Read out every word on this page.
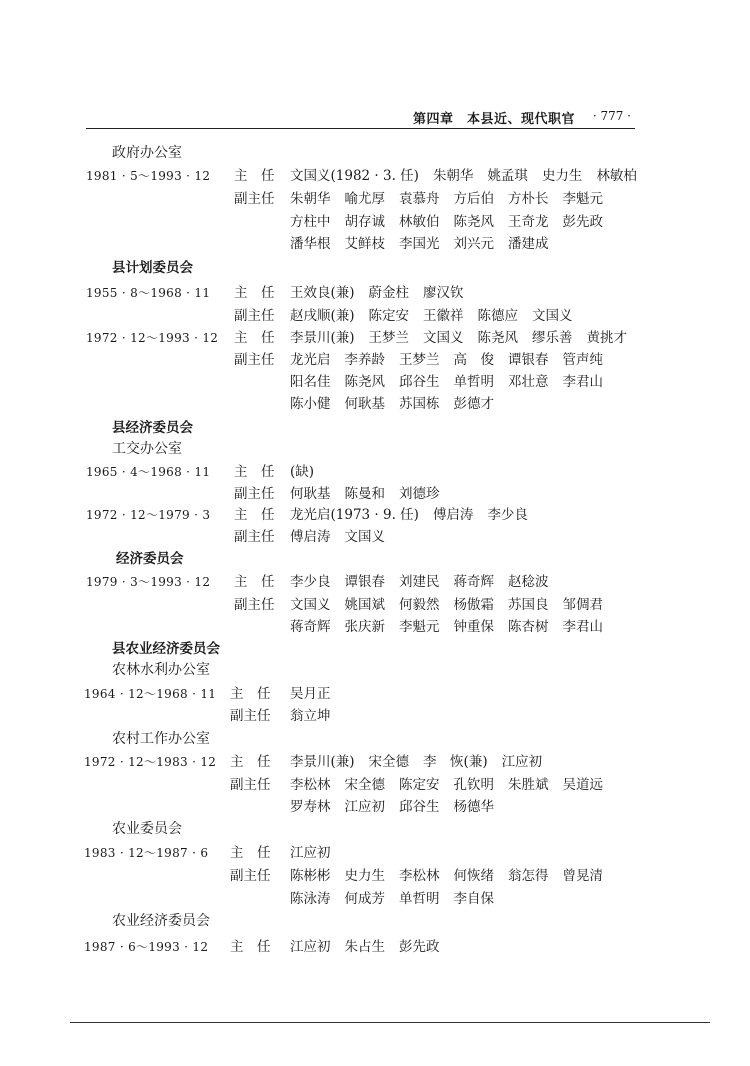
第四章　本县近、现代职官 · 777 ·
政府办公室
1981 · 5～1993 · 12 主　任	文国义(1982 · 3. 任) 朱朝华 姚孟琪 史力生 林敏柏
副主任	朱朝华 喻尤厚 袁慕舟 方后伯 方朴长 李魁元
方柱中 胡存诚 林敏伯 陈尧风 王奇龙 彭先政
潘华根 艾鲜枝 李国光 刘兴元 潘建成
县计划委员会
1955 · 8～1968 · 11 主　任	王效良(兼) 蔚金柱 廖汉钦
副主任	赵戌顺(兼) 陈定安 王徽祥 陈德应 文国义
1972 · 12～1993 · 12 主　任	李景川(兼) 王梦兰 文国义 陈尧风 缪乐善 黄挑才
副主任	龙光启 李养龄 王梦兰 高　俊 谭银春 管声纯
阳名佳 陈尧风 邱谷生 单哲明 邓壮意 李君山
陈小健 何耿基 苏国栋 彭德才
县经济委员会
工交办公室
1965 · 4～1968 · 11 主　任	(缺)
副主任	何耿基 陈曼和 刘德珍
1972 · 12～1979 · 3 主　任	龙光启(1973 · 9. 任) 傅启涛 李少良
副主任	傅启涛 文国义
经济委员会
1979 · 3～1993 · 12 主　任	李少良 谭银春 刘建民 蒋奇辉 赵稔波
副主任	文国义 姚国斌 何毅然 杨傲霜 苏国良 邹倜君
蒋奇辉 张庆新 李魁元 钟重保 陈杏树 李君山
县农业经济委员会
农林水利办公室
1964 · 12～1968 · 11 主　任	吴月正
副主任	翁立坤
农村工作办公室
1972 · 12～1983 · 12 主　任	李景川(兼) 宋全德 李　恢(兼) 江应初
副主任	李松林 宋全德 陈定安 孔钦明 朱胜斌 吴道远
罗寿林 江应初 邱谷生 杨德华
农业委员会
1983 · 12～1987 · 6 主　任	江应初
副主任	陈彬彬 史力生 李松林 何恢绪 翁怎得 曾晃清
陈泳涛 何成芳 单哲明 李自保
农业经济委员会
1987 · 6～1993 · 12 主　任	江应初 朱占生 彭先政
